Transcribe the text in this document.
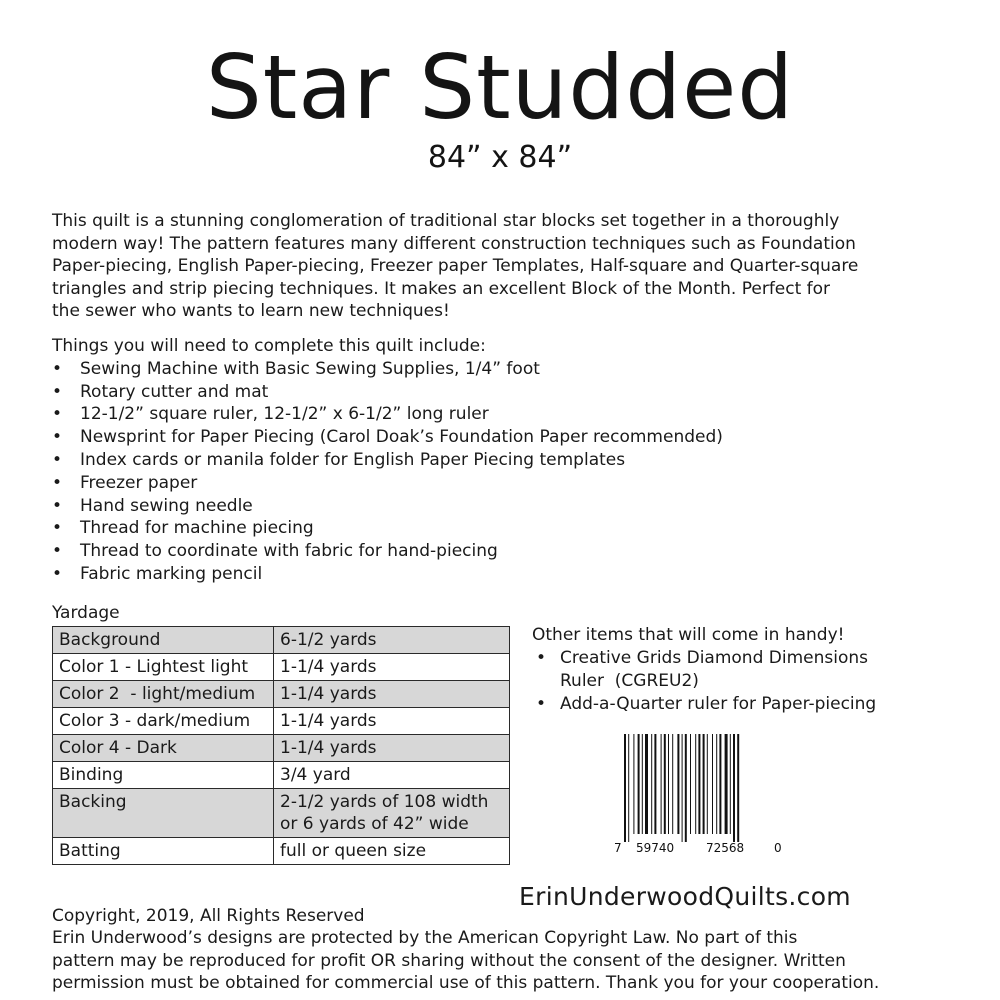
Star Studded
84” x 84”

This quilt is a stunning conglomeration of traditional star blocks set together in a thoroughly

modern way! The pattern features many different construction techniques such as Foundation

Paper-piecing, English Paper-piecing, Freezer paper Templates, Half-square and Quarter-square

triangles and strip piecing techniques. It makes an excellent Block of the Month. Perfect for

the sewer who wants to learn new techniques!

Things you will need to complete this quilt include:
• Sewing Machine with Basic Sewing Supplies, 1/4” foot
• Rotary cutter and mat
• 12-1/2” square ruler, 12-1/2” x 6-1/2” long ruler
• Newsprint for Paper Piecing (Carol Doak’s Foundation Paper recommended)
• Index cards or manila folder for English Paper Piecing templates
• Freezer paper
• Hand sewing needle
• Thread for machine piecing
• Thread to coordinate with fabric for hand-piecing
• Fabric marking pencil
Yardage
Background	6-1/2 yards

Color 1 - Lightest light	1-1/4 yards

Color 2  - light/medium	1-1/4 yards

Color 3 - dark/medium	1-1/4 yards

Color 4 - Dark	1-1/4 yards

Binding	3/4 yard

Backing	2-1/2 yards of 108 width
or 6 yards of 42” wide

Batting	full or queen size
Other items that will come in handy!
• Creative Grids Diamond Dimensions
Ruler  (CGREU2)
• Add-a-Quarter ruler for Paper-piecing
7 59740	72568 0
ErinUnderwoodQuilts.com
Copyright, 2019, All Rights Reserved
Erin Underwood’s designs are protected by the American Copyright Law. No part of this
pattern may be reproduced for profit OR sharing without the consent of the designer. Written
permission must be obtained for commercial use of this pattern. Thank you for your cooperation.
